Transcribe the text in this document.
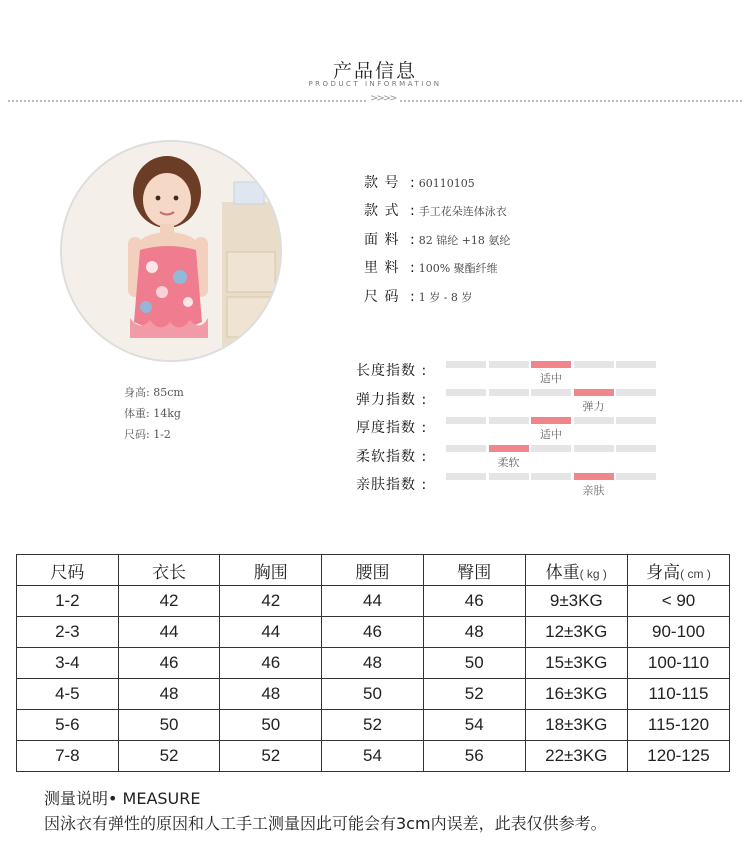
产品信息
PRODUCT INFORMATION
>>>>
身高: 85cm
体重: 14kg
尺码: 1-2
款 号 : 60110105
款 式 : 手工花朵连体泳衣
面 料 : 82 锦纶 +18 氨纶
里 料 : 100% 聚酯纤维
尺 码 : 1 岁 - 8 岁
长度指数 :
弹力指数 :
厚度指数 :
柔软指数 :
亲肤指数 :
适中
弹力
适中
柔软
亲肤
尺码	衣长	胸围	腰围	臀围	体重( kg )	身高( cm )
1-2	42	42	44	46	9±3KG	< 90
2-3	44	44	46	48	12±3KG	90-100
3-4	46	46	48	50	15±3KG	100-110
4-5	48	48	50	52	16±3KG	110-115
5-6	50	50	52	54	18±3KG	115-120
7-8	52	52	54	56	22±3KG	120-125
测量说明• MEASURE
因泳衣有弹性的原因和人工手工测量因此可能会有3cm内误差，此表仅供参考。
